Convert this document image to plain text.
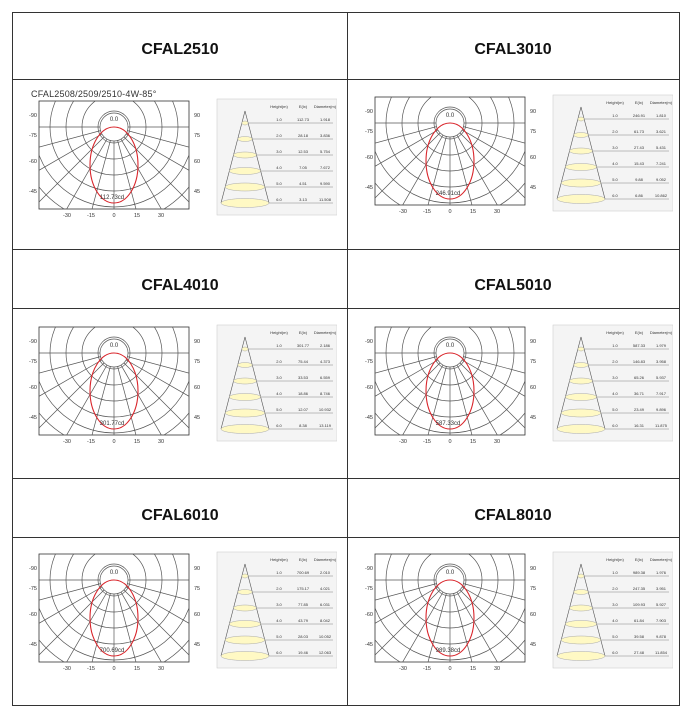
CFAL2510	CFAL3010
CFAL4010	CFAL5010
CFAL6010	CFAL8010
CFAL2508/2509/2510-4W-85°
0.0
112.73cd
-90
-75
-60
-45
90
75
60
45
-30	-15	0	15	30
Height(m)	E(lx) Diameter(m)
1.0	112.73	1.918
2.0	28.18	3.836
3.0	12.53	5.754
4.0	7.05	7.672
5.0	4.51	9.590
6.0	3.13	11.508
0.0
246.91cd
-90
-75
-60
-45
90
75
60
45
-30	-15	0	15	30
Height(m)	E(lx) Diameter(m)
1.0	246.91	1.810
2.0	61.73	3.621
3.0	27.43	5.431
4.0	15.43	7.241
5.0	9.88	9.052
6.0	6.86	10.862
0.0
301.77cd
-90
-75
-60
-45
90
75
60
45
-30	-15	0	15	30
Height(m)	E(lx) Diameter(m)
1.0	301.77	2.186
2.0	75.44	4.373
3.0	33.53	6.559
4.0	18.86	8.746
5.0	12.07	10.932
6.0	8.38	13.119
0.0
587.33cd
-90
-75
-60
-45
90
75
60
45
-30	-15	0	15	30
Height(m)	E(lx) Diameter(m)
1.0	587.33	1.979
2.0	146.83	3.958
3.0	65.26	5.937
4.0	36.71	7.917
5.0	23.49	9.896
6.0	16.31	11.875
0.0
700.69cd
-90
-75
-60
-45
90
75
60
45
-30	-15	0	15	30
Height(m)	E(lx) Diameter(m)
1.0	700.69	2.010
2.0	175.17	4.021
3.0	77.85	6.031
4.0	43.79	8.042
5.0	28.03	10.052
6.0	19.46	12.063
0.0
989.38cd
-90
-75
-60
-45
90
75
60
45
-30	-15	0	15	30
Height(m)	E(lx) Diameter(m)
1.0	989.38	1.976
2.0	247.35	3.951
3.0	109.93	5.927
4.0	61.84	7.903
5.0	39.58	9.878
6.0	27.48	11.854
